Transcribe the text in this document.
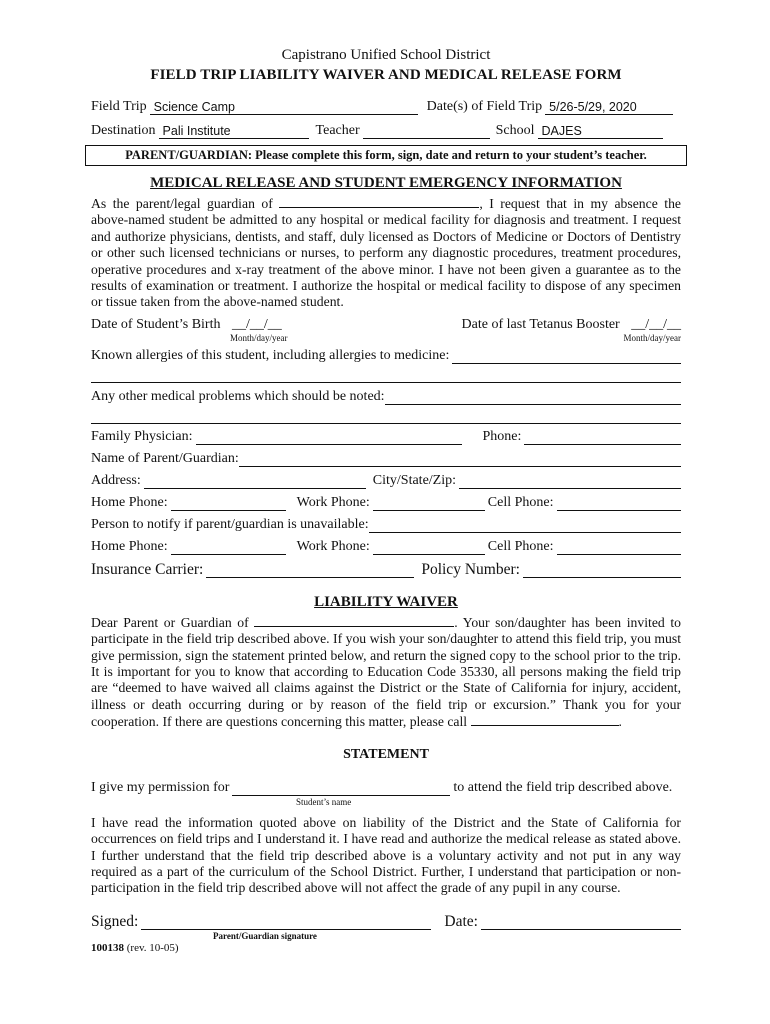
Capistrano Unified School District
FIELD TRIP LIABILITY WAIVER AND MEDICAL RELEASE FORM
Field Trip Science Camp	Date(s) of Field Trip 5/26-5/29, 2020
Destination Pali Institute	Teacher	School DAJES
PARENT/GUARDIAN: Please complete this form, sign, date and return to your student’s teacher.
MEDICAL RELEASE AND STUDENT EMERGENCY INFORMATION
As the parent/legal guardian of	, I request that in my absence the above-named student be admitted to any hospital or medical facility for diagnosis and treatment. I request and authorize physicians, dentists, and staff, duly licensed as Doctors of Medicine or Doctors of Dentistry or other such licensed technicians or nurses, to perform any diagnostic procedures, treatment procedures, operative procedures and x-ray treatment of the above minor. I have not been given a guarantee as to the results of examination or treatment. I authorize the hospital or medical facility to dispose of any specimen or tissue taken from the above-named student.
Date of Student’s Birth __/__/__	Date of last Tetanus Booster __/__/__
Month/day/year	Month/day/year
Known allergies of this student, including allergies to medicine:
Any other medical problems which should be noted:
Family Physician:	Phone:
Name of Parent/Guardian:
Address:	City/State/Zip:
Home Phone:	Work Phone:	Cell Phone:
Person to notify if parent/guardian is unavailable:
Home Phone:	Work Phone:	Cell Phone:
Insurance Carrier:	Policy Number:
LIABILITY WAIVER
Dear Parent or Guardian of	. Your son/daughter has been invited to participate in the field trip described above. If you wish your son/daughter to attend this field trip, you must give permission, sign the statement printed below, and return the signed copy to the school prior to the trip. It is important for you to know that according to Education Code 35330, all persons making the field trip are “deemed to have waived all claims against the District or the State of California for injury, accident, illness or death occurring during or by reason of the field trip or excursion.” Thank you for your cooperation. If there are questions concerning this matter, please call	.
STATEMENT
I give my permission for	to attend the field trip described above.
Student’s name
I have read the information quoted above on liability of the District and the State of California for occurrences on field trips and I understand it. I have read and authorize the medical release as stated above. I further understand that the field trip described above is a voluntary activity and not put in any way required as a part of the curriculum of the School District. Further, I understand that participation or non-participation in the field trip described above will not affect the grade of any pupil in any course.
Signed:	Date:
Parent/Guardian signature
100138 (rev. 10-05)
